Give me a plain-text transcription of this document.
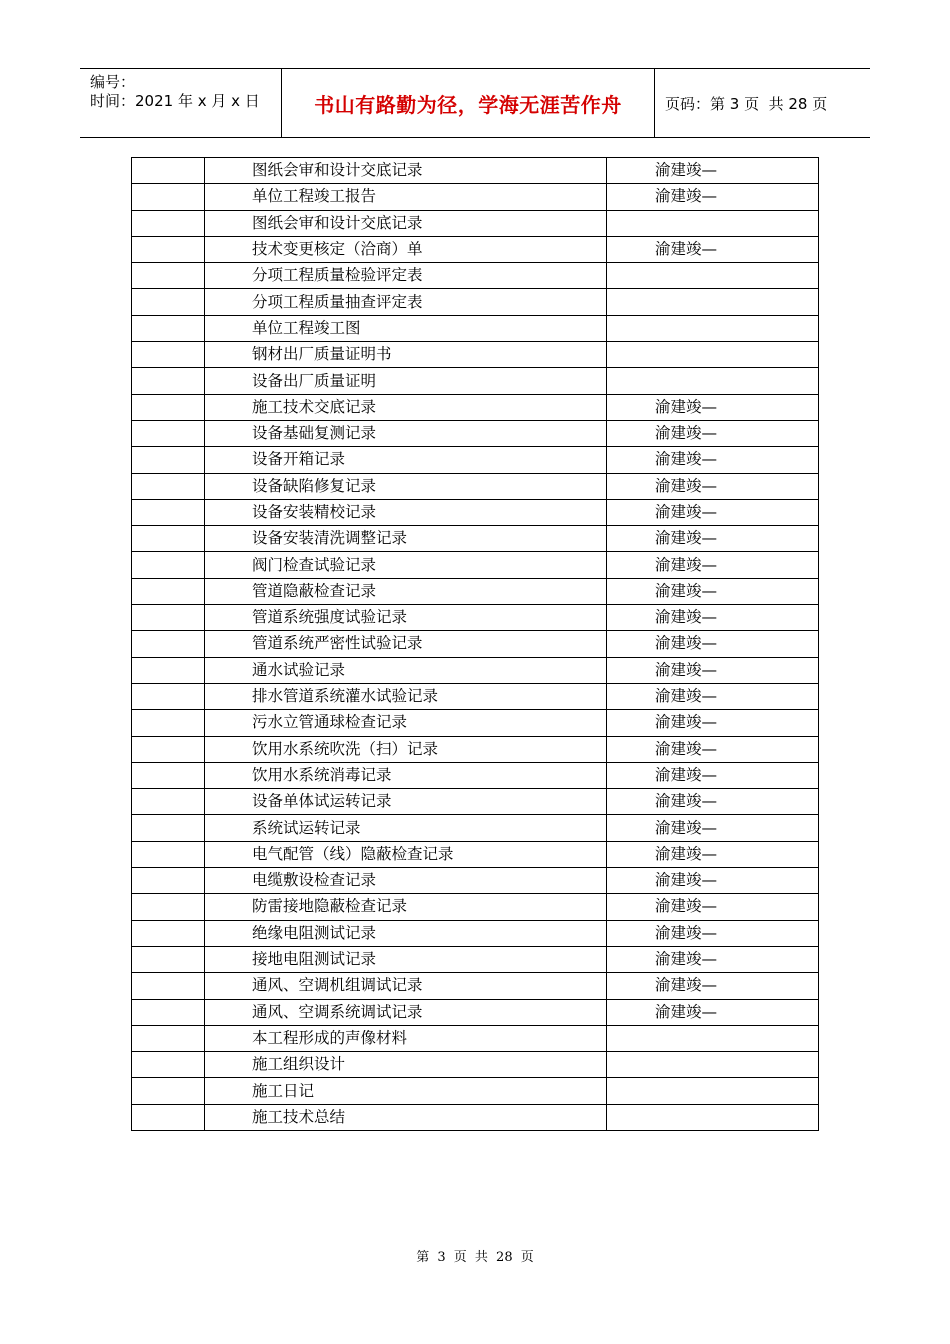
编号：
时间：2021 年 x 月 x 日	书山有路勤为径，学海无涯苦作舟	页码：第 3 页  共 28 页
	图纸会审和设计交底记录	渝建竣—
	单位工程竣工报告	渝建竣—
	图纸会审和设计交底记录	
	技术变更核定（洽商）单	渝建竣—
	分项工程质量检验评定表	
	分项工程质量抽查评定表	
	单位工程竣工图	
	钢材出厂质量证明书	
	设备出厂质量证明	
	施工技术交底记录	渝建竣—
	设备基础复测记录	渝建竣—
	设备开箱记录	渝建竣—
	设备缺陷修复记录	渝建竣—
	设备安装精校记录	渝建竣—
	设备安装清洗调整记录	渝建竣—
	阀门检查试验记录	渝建竣—
	管道隐蔽检查记录	渝建竣—
	管道系统强度试验记录	渝建竣—
	管道系统严密性试验记录	渝建竣—
	通水试验记录	渝建竣—
	排水管道系统灌水试验记录	渝建竣—
	污水立管通球检查记录	渝建竣—
	饮用水系统吹洗（扫）记录	渝建竣—
	饮用水系统消毒记录	渝建竣—
	设备单体试运转记录	渝建竣—
	系统试运转记录	渝建竣—
	电气配管（线）隐蔽检查记录	渝建竣—
	电缆敷设检查记录	渝建竣—
	防雷接地隐蔽检查记录	渝建竣—
	绝缘电阻测试记录	渝建竣—
	接地电阻测试记录	渝建竣—
	通风、空调机组调试记录	渝建竣—
	通风、空调系统调试记录	渝建竣—
	本工程形成的声像材料	
	施工组织设计	
	施工日记	
	施工技术总结	
第 3 页 共 28 页
